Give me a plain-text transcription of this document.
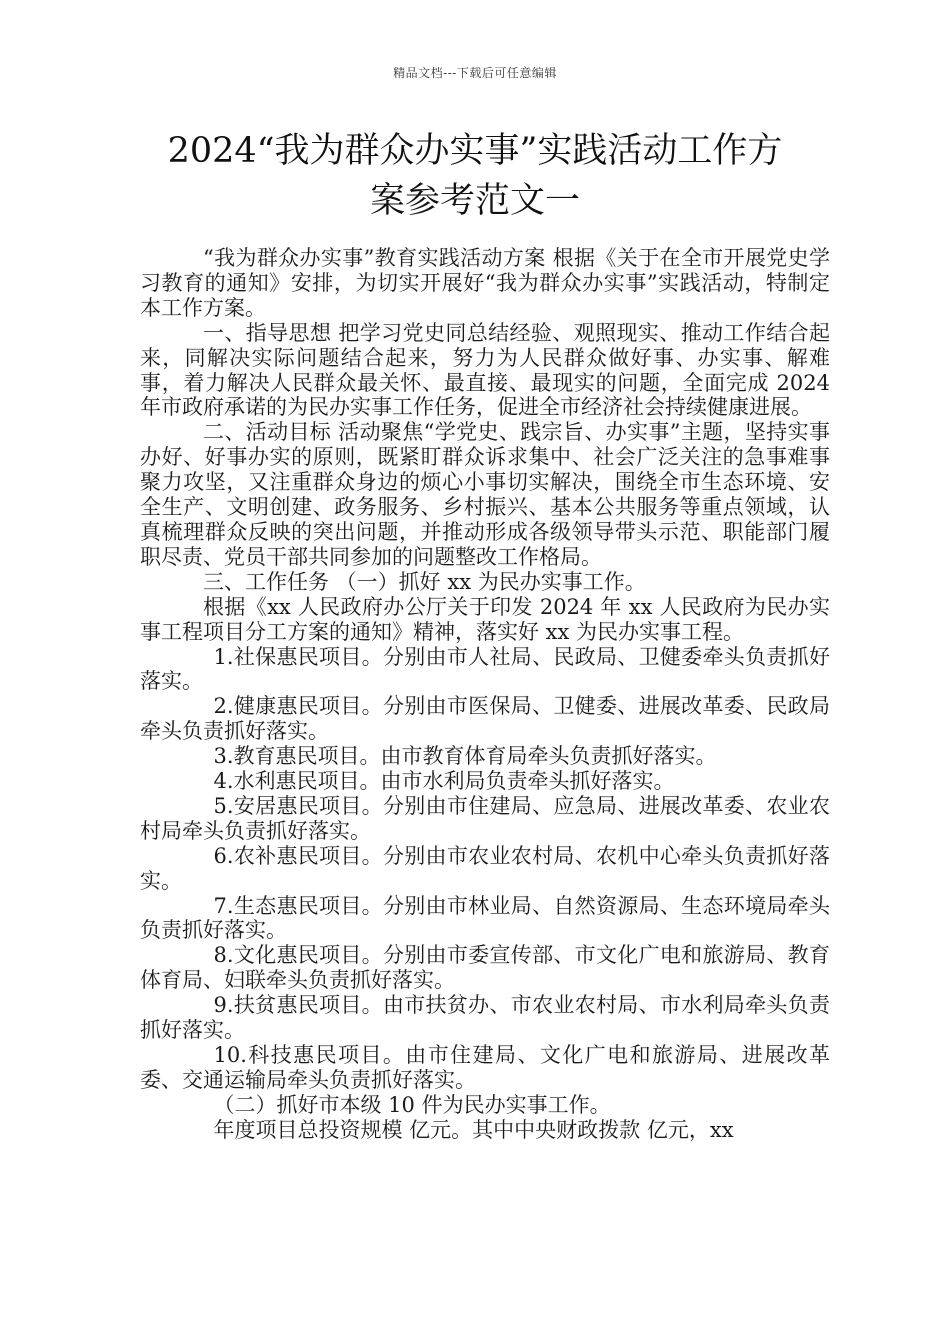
精品文档---下载后可任意编辑
2024“我为群众办实事”实践活动工作方
案参考范文一

“我为群众办实事”教育实践活动方案 根据《关于在全市开展党史学习教育的通知》安排，为切实开展好“我为群众办实事”实践活动，特制定本工作方案。

一、指导思想 把学习党史同总结经验、观照现实、推动工作结合起来，同解决实际问题结合起来，努力为人民群众做好事、办实事、解难事，着力解决人民群众最关怀、最直接、最现实的问题，全面完成 2024 年市政府承诺的为民办实事工作任务，促进全市经济社会持续健康进展。

二、活动目标 活动聚焦“学党史、践宗旨、办实事”主题，坚持实事办好、好事办实的原则，既紧盯群众诉求集中、社会广泛关注的急事难事聚力攻坚，又注重群众身边的烦心小事切实解决，围绕全市生态环境、安全生产、文明创建、政务服务、乡村振兴、基本公共服务等重点领域，认真梳理群众反映的突出问题，并推动形成各级领导带头示范、职能部门履职尽责、党员干部共同参加的问题整改工作格局。

三、工作任务 （一）抓好 xx 为民办实事工作。

根据《xx 人民政府办公厅关于印发 2024 年 xx 人民政府为民办实事工程项目分工方案的通知》精神，落实好 xx 为民办实事工程。

1.社保惠民项目。分别由市人社局、民政局、卫健委牵头负责抓好落实。

2.健康惠民项目。分别由市医保局、卫健委、进展改革委、民政局牵头负责抓好落实。

3.教育惠民项目。由市教育体育局牵头负责抓好落实。

4.水利惠民项目。由市水利局负责牵头抓好落实。

5.安居惠民项目。分别由市住建局、应急局、进展改革委、农业农村局牵头负责抓好落实。

6.农补惠民项目。分别由市农业农村局、农机中心牵头负责抓好落实。

7.生态惠民项目。分别由市林业局、自然资源局、生态环境局牵头负责抓好落实。

8.文化惠民项目。分别由市委宣传部、市文化广电和旅游局、教育体育局、妇联牵头负责抓好落实。

9.扶贫惠民项目。由市扶贫办、市农业农村局、市水利局牵头负责抓好落实。

10.科技惠民项目。由市住建局、文化广电和旅游局、进展改革委、交通运输局牵头负责抓好落实。

（二）抓好市本级 10 件为民办实事工作。

年度项目总投资规模 亿元。其中中央财政拨款 亿元，xx
